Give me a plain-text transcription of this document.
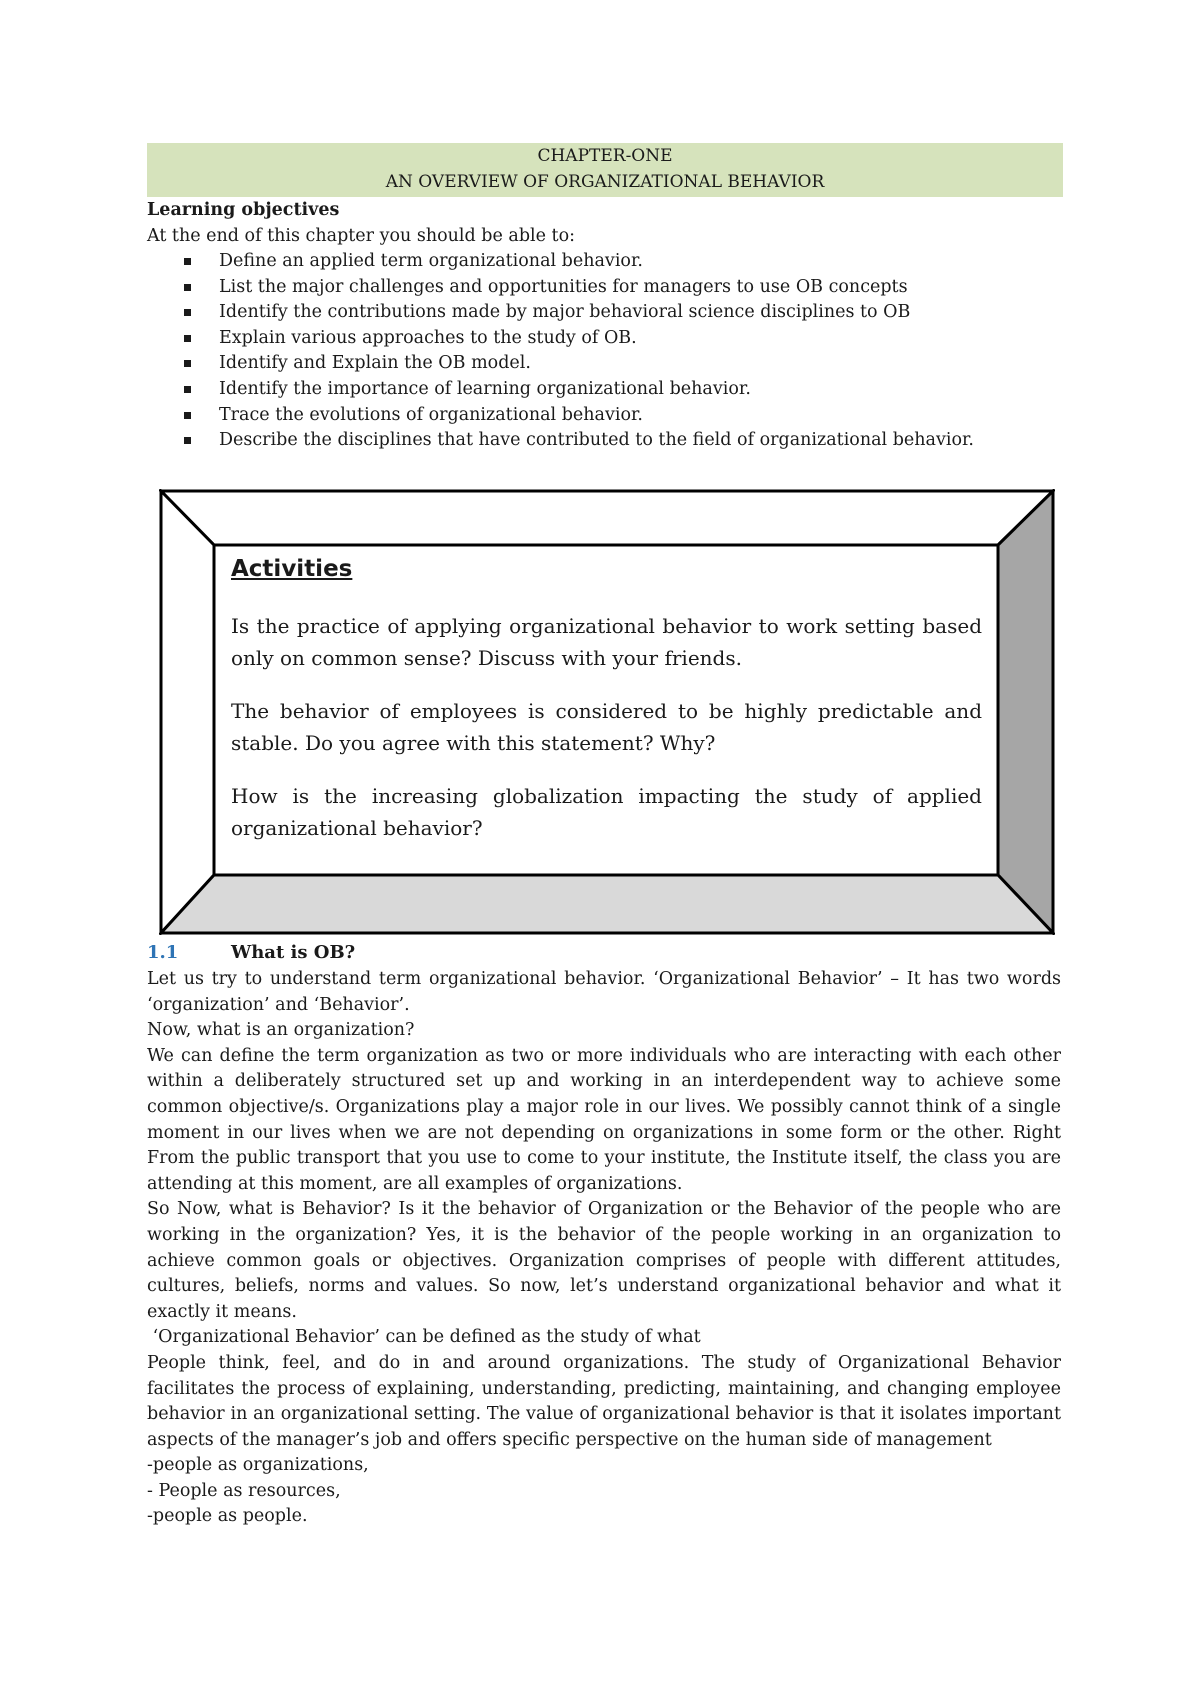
CHAPTER-ONE
AN OVERVIEW OF ORGANIZATIONAL BEHAVIOR
Learning objectives
At the end of this chapter you should be able to:
Define an applied term organizational behavior.
List the major challenges and opportunities for managers to use OB concepts
Identify the contributions made by major behavioral science disciplines to OB
Explain various approaches to the study of OB.
Identify and Explain the OB model.
Identify the importance of learning organizational behavior.
Trace the evolutions of organizational behavior.
Describe the disciplines that have contributed to the field of organizational behavior.
Activities
Is the practice of applying organizational behavior to work setting based only on common sense? Discuss with your friends.
The behavior of employees is considered to be highly predictable and stable. Do you agree with this statement? Why?
How is the increasing globalization impacting the study of applied organizational behavior?
1.1	What is OB?

Let us try to understand term organizational behavior. ‘Organizational Behavior’ – It has two words ‘organization’ and ‘Behavior’.

Now, what is an organization?

We can define the term organization as two or more individuals who are interacting with each other within a deliberately structured set up and working in an interdependent way to achieve some common objective/s. Organizations play a major role in our lives. We possibly cannot think of a single moment in our lives when we are not depending on organizations in some form or the other. Right From the public transport that you use to come to your institute, the Institute itself, the class you are attending at this moment, are all examples of organizations.

So Now, what is Behavior? Is it the behavior of Organization or the Behavior of the people who are working in the organization? Yes, it is the behavior of the people working in an organization to achieve common goals or objectives. Organization comprises of people with different attitudes, cultures, beliefs, norms and values. So now, let’s understand organizational behavior and what it exactly it means.

‘Organizational Behavior’ can be defined as the study of what

People think, feel, and do in and around organizations. The study of Organizational Behavior facilitates the process of explaining, understanding, predicting, maintaining, and changing employee behavior in an organizational setting. The value of organizational behavior is that it isolates important aspects of the manager’s job and offers specific perspective on the human side of management

-people as organizations,

- People as resources,

-people as people.
